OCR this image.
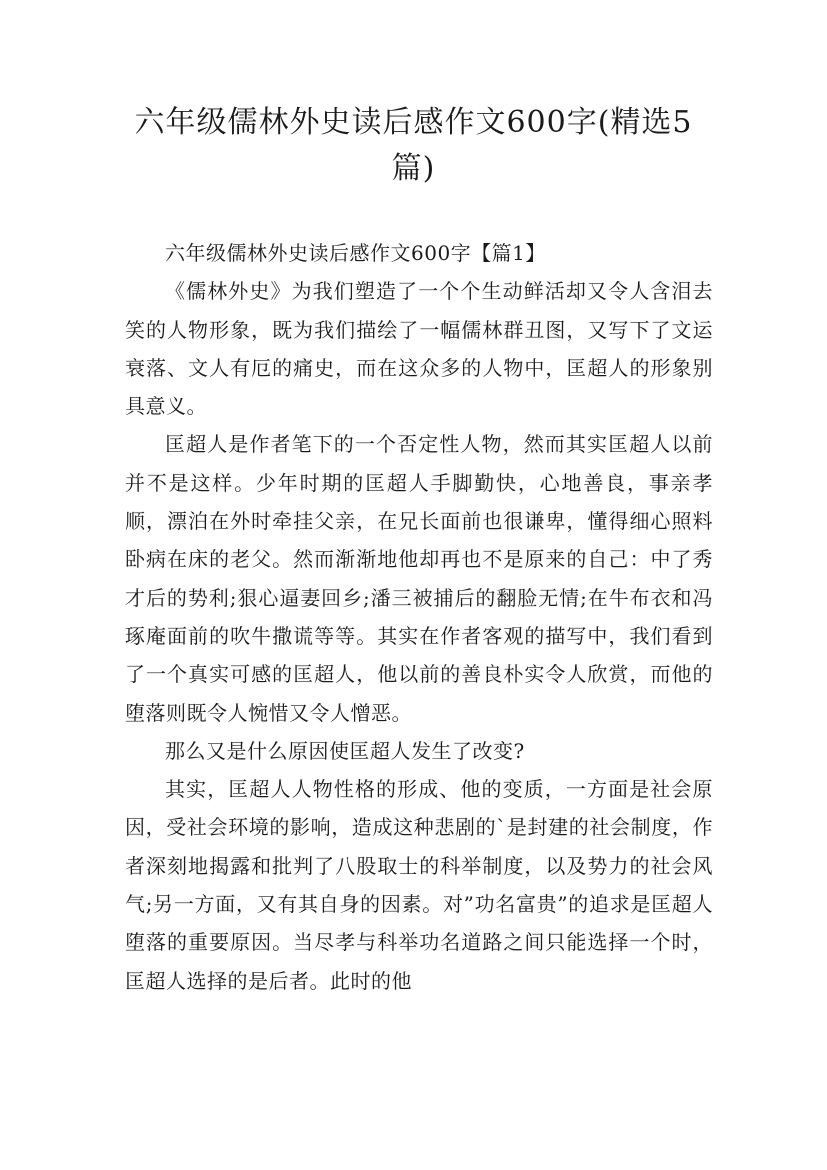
六年级儒林外史读后感作文600字(精选5
篇)

六年级儒林外史读后感作文600字【篇1】

《儒林外史》为我们塑造了一个个生动鲜活却又令人含泪去笑的人物形象，既为我们描绘了一幅儒林群丑图，又写下了文运衰落、文人有厄的痛史，而在这众多的人物中，匡超人的形象别具意义。

匡超人是作者笔下的一个否定性人物，然而其实匡超人以前并不是这样。少年时期的匡超人手脚勤快，心地善良，事亲孝顺，漂泊在外时牵挂父亲，在兄长面前也很谦卑，懂得细心照料卧病在床的老父。然而渐渐地他却再也不是原来的自己：中了秀才后的势利;狠心逼妻回乡;潘三被捕后的翻脸无情;在牛布衣和冯琢庵面前的吹牛撒谎等等。其实在作者客观的描写中，我们看到了一个真实可感的匡超人，他以前的善良朴实令人欣赏，而他的堕落则既令人惋惜又令人憎恶。

那么又是什么原因使匡超人发生了改变?

其实，匡超人人物性格的形成、他的变质，一方面是社会原因，受社会环境的影响，造成这种悲剧的`是封建的社会制度，作者深刻地揭露和批判了八股取士的科举制度，以及势力的社会风气;另一方面，又有其自身的因素。对”功名富贵”的追求是匡超人堕落的重要原因。当尽孝与科举功名道路之间只能选择一个时，匡超人选择的是后者。此时的他
